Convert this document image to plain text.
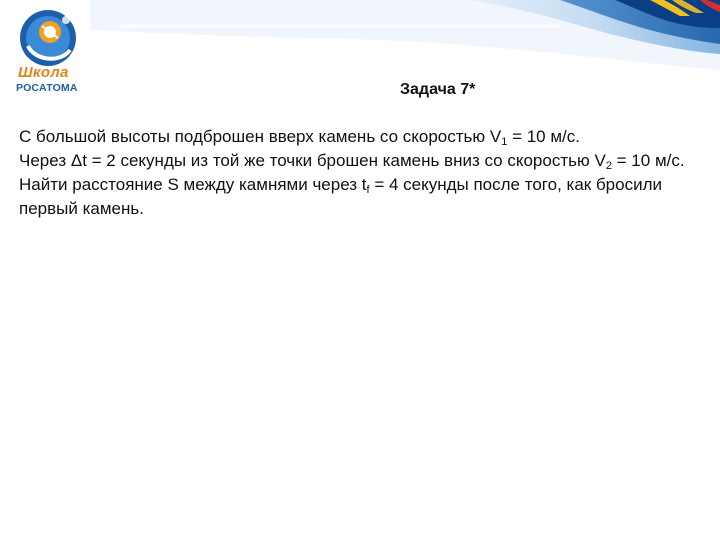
Школа
РОСАТОМА	Задача 7*
С большой высоты подброшен вверх камень со скоростью $V_1 = 10$ м/с.
Через Δt = 2 секунды из той же точки брошен камень вниз со скоростью $V_2 = 10$ м/с. Найти расстояние S между камнями через $t_f = 4$ секунды после того, как бросили первый камень.
